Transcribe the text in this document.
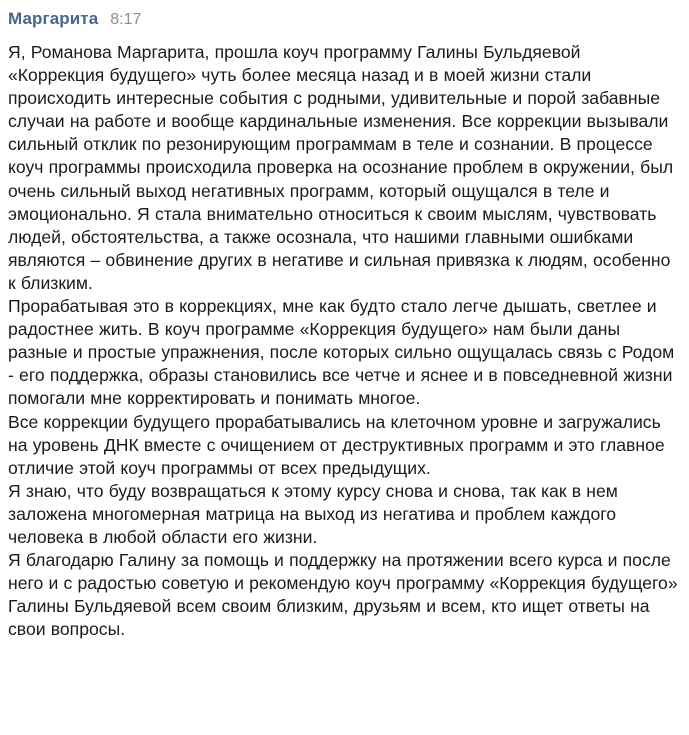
Маргарита 8:17

Я, Романова Маргарита, прошла коуч программу Галины Бульдяевой «Коррекция будущего» чуть более месяца назад и в моей жизни стали происходить интересные события с родными, удивительные и порой забавные случаи на работе и вообще кардинальные изменения. Все коррекции вызывали сильный отклик по резонирующим программам в теле и сознании. В процессе коуч программы происходила проверка на осознание проблем в окружении, был очень сильный выход негативных программ, который ощущался в теле и эмоционально. Я стала внимательно относиться к своим мыслям, чувствовать людей, обстоятельства, а также осознала, что нашими главными ошибками являются – обвинение других в негативе и сильная привязка к людям, особенно к близким.

Прорабатывая это в коррекциях, мне как будто стало легче дышать, светлее и радостнее жить. В коуч программе «Коррекция будущего» нам были даны разные и простые упражнения, после которых сильно ощущалась связь с Родом - его поддержка, образы становились все четче и яснее и в повседневной жизни помогали мне корректировать и понимать многое.

Все коррекции будущего прорабатывались на клеточном уровне и загружались на уровень ДНК вместе с очищением от деструктивных программ и это главное отличие этой коуч программы от всех предыдущих.

Я знаю, что буду возвращаться к этому курсу снова и снова, так как в нем заложена многомерная матрица на выход из негатива и проблем каждого человека в любой области его жизни.

Я благодарю Галину за помощь и поддержку на протяжении всего курса и после него и с радостью советую и рекомендую коуч программу «Коррекция будущего» Галины Бульдяевой всем своим близким, друзьям и всем, кто ищет ответы на свои вопросы.
